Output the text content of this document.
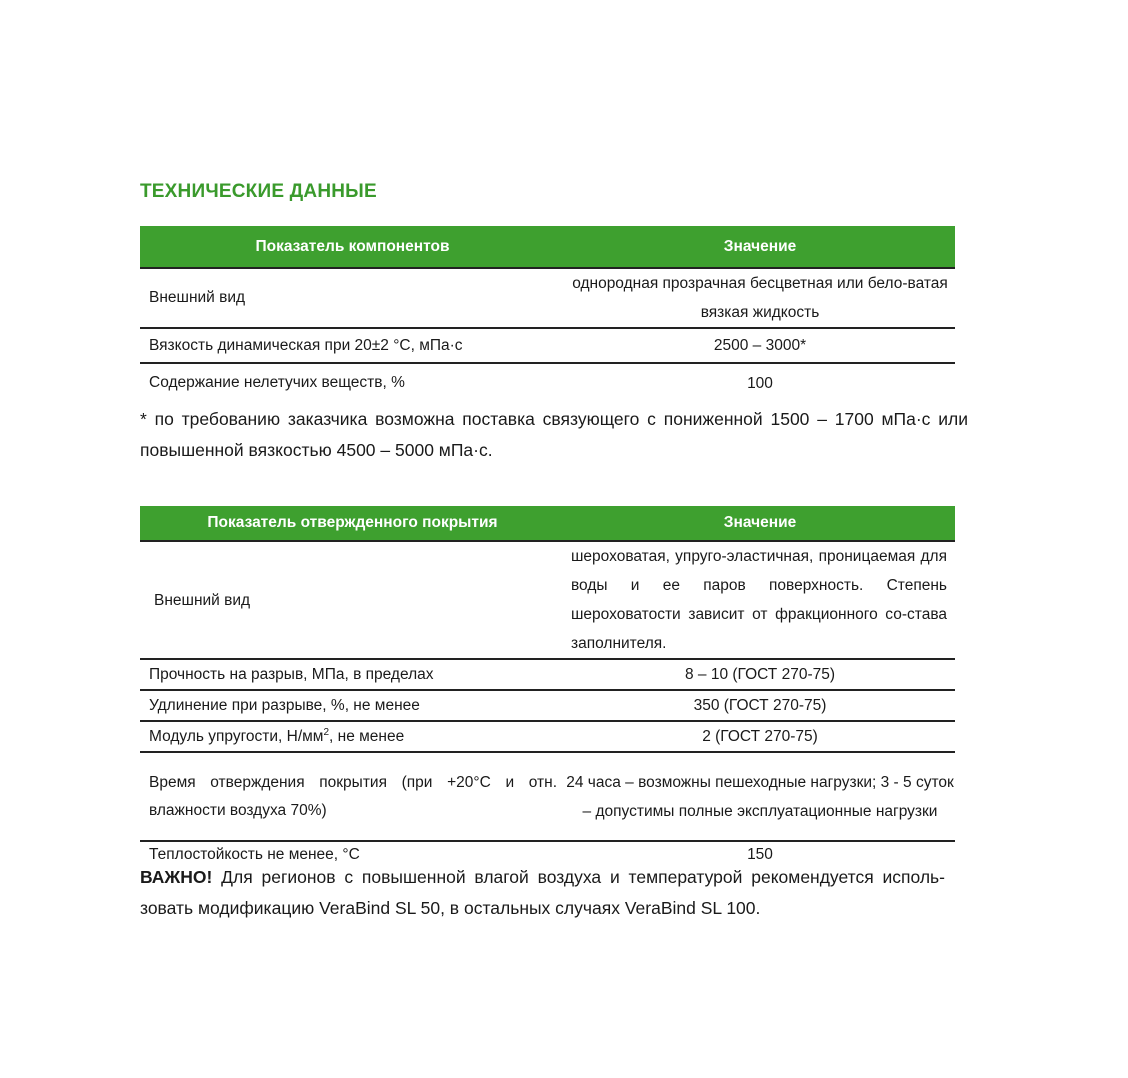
ТЕХНИЧЕСКИЕ ДАННЫЕ
Показатель компонентов	Значение
Внешний вид	однородная прозрачная бесцветная или бело-ватая вязкая жидкость
Вязкость динамическая при 20±2 °С, мПа·с	2500 – 3000*
Содержание нелетучих веществ, %	100
* по требованию заказчика возможна поставка связующего с пониженной 1500 – 1700 мПа·с или повышенной вязкостью 4500 – 5000 мПа·с.
Показатель отвержденного покрытия	Значение
Внешний вид	шероховатая, упруго-эластичная, проницаемая для воды и ее паров поверхность. Степень шероховатости зависит от фракционного со-става заполнителя.
Прочность на разрыв, МПа, в пределах	8 – 10 (ГОСТ 270-75)
Удлинение при разрыве, %, не менее	350 (ГОСТ 270-75)
Модуль упругости, $Н/мм^2$, не менее	2 (ГОСТ 270-75)
Время отверждения покрытия (при +20°С и отн. влажности воздуха 70%)	24 часа – возможны пешеходные нагрузки; 3 - 5 суток – допустимы полные эксплуатационные нагрузки
Теплостойкость не менее, °С	150
ВАЖНО! Для регионов с повышенной влагой воздуха и температурой рекомендуется исполь-зовать модификацию VeraBind SL 50, в остальных случаях VeraBind SL 100.
